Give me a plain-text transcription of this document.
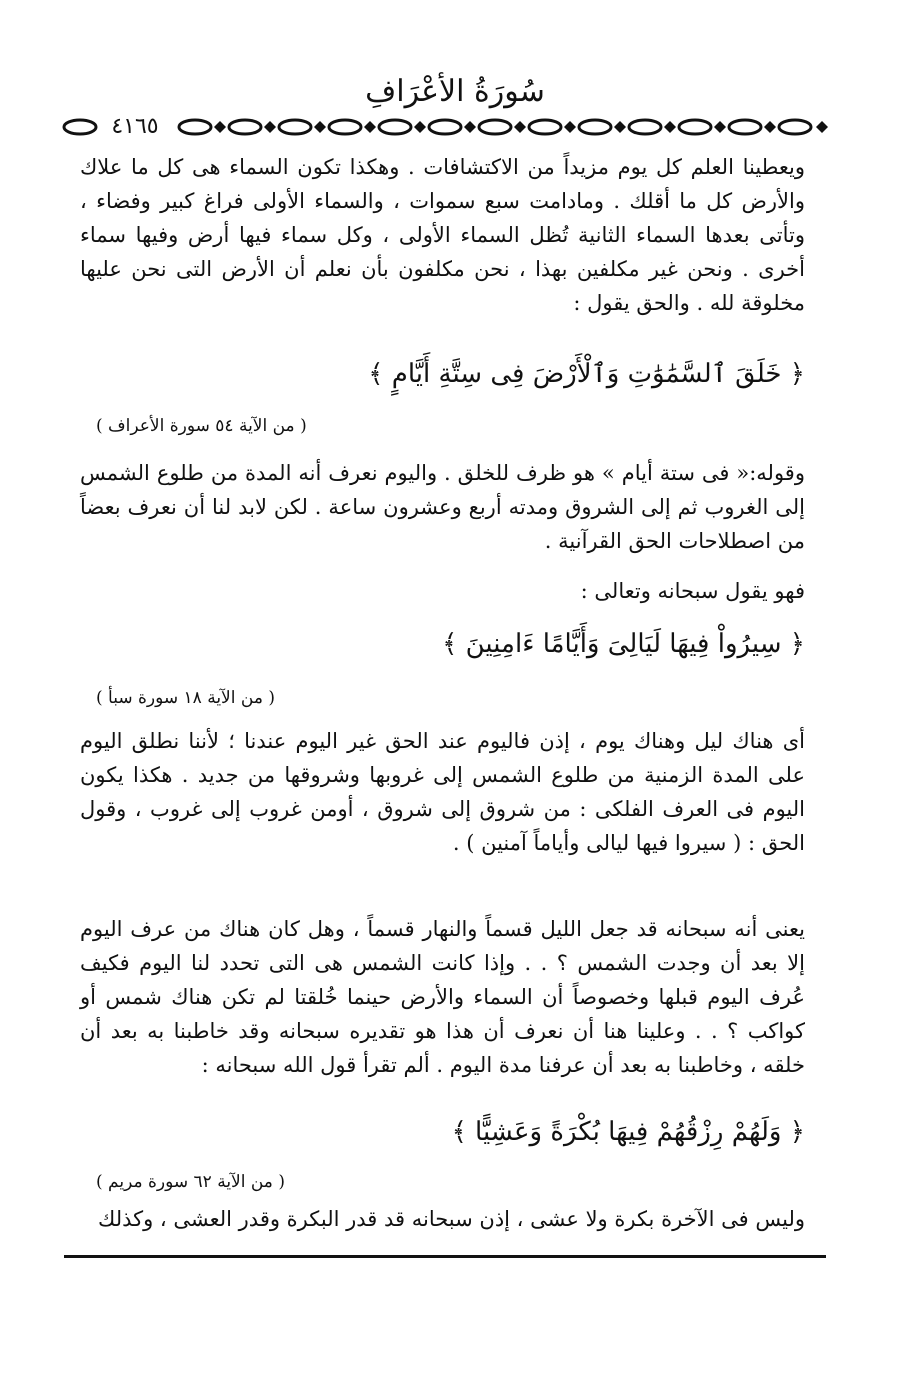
سُورَةُ الأعْرَافِ
٤١٦٥
ويعطينا العلم كل يوم مزيداً من الاكتشافات . وهكذا تكون السماء هى كل ما علاك والأرض كل ما أقلك . ومادامت سبع سموات ، والسماء الأولى فراغ كبير وفضاء ، وتأتى بعدها السماء الثانية تُظل السماء الأولى ، وكل سماء فيها أرض وفيها سماء أخرى . ونحن غير مكلفين بهذا ، نحن مكلفون بأن نعلم أن الأرض التى نحن عليها مخلوقة لله . والحق يقول :
﴿ خَلَقَ ٱلسَّمَٰوَٰتِ وَٱلْأَرْضَ فِى سِتَّةِ أَيَّامٍ ﴾
( من الآية ٥٤ سورة الأعراف )
وقوله:« فى ستة أيام » هو ظرف للخلق . واليوم نعرف أنه المدة من طلوع الشمس إلى الغروب ثم إلى الشروق ومدته أربع وعشرون ساعة . لكن لابد لنا أن نعرف بعضاً من اصطلاحات الحق القرآنية .
فهو يقول سبحانه وتعالى :
﴿ سِيرُواْ فِيهَا لَيَالِىَ وَأَيَّامًا ءَامِنِينَ ﴾
( من الآية ١٨ سورة سبأ )
أى هناك ليل وهناك يوم ، إذن فاليوم عند الحق غير اليوم عندنا ؛ لأننا نطلق اليوم على المدة الزمنية من طلوع الشمس إلى غروبها وشروقها من جديد . هكذا يكون اليوم فى العرف الفلكى : من شروق إلى شروق ، أومن غروب إلى غروب ، وقول الحق : ( سيروا فيها ليالى وأياماً آمنين ) .
يعنى أنه سبحانه قد جعل الليل قسماً والنهار قسماً ، وهل كان هناك من عرف اليوم إلا بعد أن وجدت الشمس ؟ . . وإذا كانت الشمس هى التى تحدد لنا اليوم فكيف عُرف اليوم قبلها وخصوصاً أن السماء والأرض حينما خُلقتا لم تكن هناك شمس أو كواكب ؟ . . وعلينا هنا أن نعرف أن هذا هو تقديره سبحانه وقد خاطبنا به بعد أن خلقه ، وخاطبنا به بعد أن عرفنا مدة اليوم . ألم تقرأ قول الله سبحانه :
﴿ وَلَهُمْ رِزْقُهُمْ فِيهَا بُكْرَةً وَعَشِيًّا ﴾
( من الآية ٦٢ سورة مريم )
وليس فى الآخرة بكرة ولا عشى ، إذن سبحانه قد قدر البكرة وقدر العشى ، وكذلك
